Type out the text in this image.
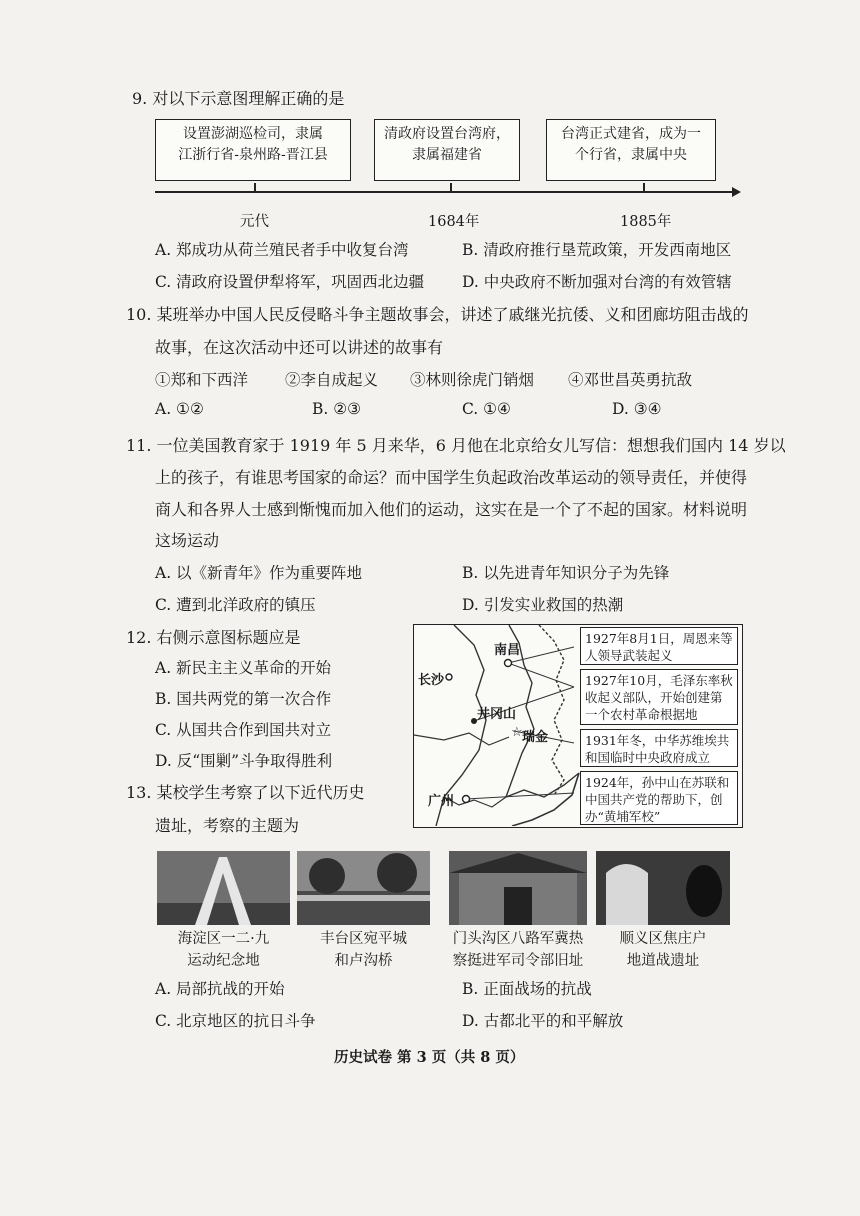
9. 对以下示意图理解正确的是
设置澎湖巡检司，隶属
江浙行省-泉州路-晋江县
清政府设置台湾府，
隶属福建省
台湾正式建省，成为一
个行省，隶属中央
元代	1684年	1885年
A. 郑成功从荷兰殖民者手中收复台湾	B. 清政府推行垦荒政策，开发西南地区
C. 清政府设置伊犁将军，巩固西北边疆 D. 中央政府不断加强对台湾的有效管辖
10. 某班举办中国人民反侵略斗争主题故事会，讲述了戚继光抗倭、义和团廊坊阻击战的
故事，在这次活动中还可以讲述的故事有
①郑和下西洋 ②李自成起义 ③林则徐虎门销烟 ④邓世昌英勇抗敌
A. ①②	B. ②③	C. ①④	D. ③④
11. 一位美国教育家于 1919 年 5 月来华，6 月他在北京给女儿写信：想想我们国内 14 岁以
上的孩子，有谁思考国家的命运？而中国学生负起政治改革运动的领导责任，并使得
商人和各界人士感到惭愧而加入他们的运动，这实在是一个了不起的国家。材料说明
这场运动
A. 以《新青年》作为重要阵地	B. 以先进青年知识分子为先锋
C. 遭到北洋政府的镇压	D. 引发实业救国的热潮
12. 右侧示意图标题应是
A. 新民主主义革命的开始
B. 国共两党的第一次合作
C. 从国共合作到国共对立
D. 反“围剿”斗争取得胜利
☆
长沙
南昌
井冈山
瑞金
广州
1927年8月1日，周恩来等人领导武装起义
1927年10月，毛泽东率秋收起义部队，开始创建第一个农村革命根据地
1931年冬，中华苏维埃共和国临时中央政府成立
1924年，孙中山在苏联和中国共产党的帮助下，创办“黄埔军校”
13. 某校学生考察了以下近代历史
遗址，考察的主题为
海淀区一二·九
运动纪念地
丰台区宛平城
和卢沟桥
门头沟区八路军冀热
察挺进军司令部旧址
顺义区焦庄户
地道战遗址
A. 局部抗战的开始	B. 正面战场的抗战
C. 北京地区的抗日斗争	D. 古都北平的和平解放
历史试卷 第 3 页（共 8 页）
